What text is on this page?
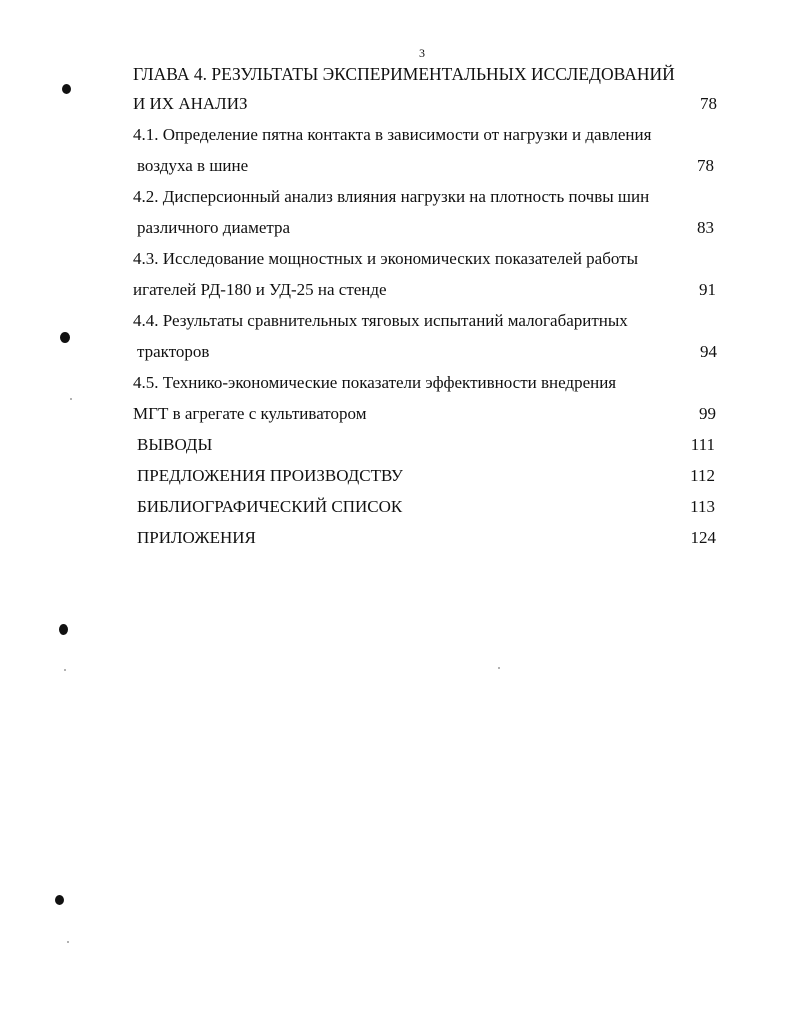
3
ГЛАВА 4. РЕЗУЛЬТАТЫ ЭКСПЕРИМЕНТАЛЬНЫХ ИССЛЕДОВАНИЙ
И ИХ АНАЛИЗ	78
4.1. Определение пятна контакта в зависимости от нагрузки и давления
воздуха в шине	78
4.2. Дисперсионный анализ влияния нагрузки на плотность почвы шин
различного диаметра	83
4.3. Исследование мощностных и экономических показателей работы
игателей РД-180 и УД-25 на стенде	91
4.4. Результаты сравнительных тяговых испытаний малогабаритных
тракторов	94
4.5. Технико-экономические показатели эффективности внедрения
МГТ в агрегате с культиватором	99
ВЫВОДЫ	111
ПРЕДЛОЖЕНИЯ ПРОИЗВОДСТВУ	112
БИБЛИОГРАФИЧЕСКИЙ СПИСОК	113
ПРИЛОЖЕНИЯ	124
